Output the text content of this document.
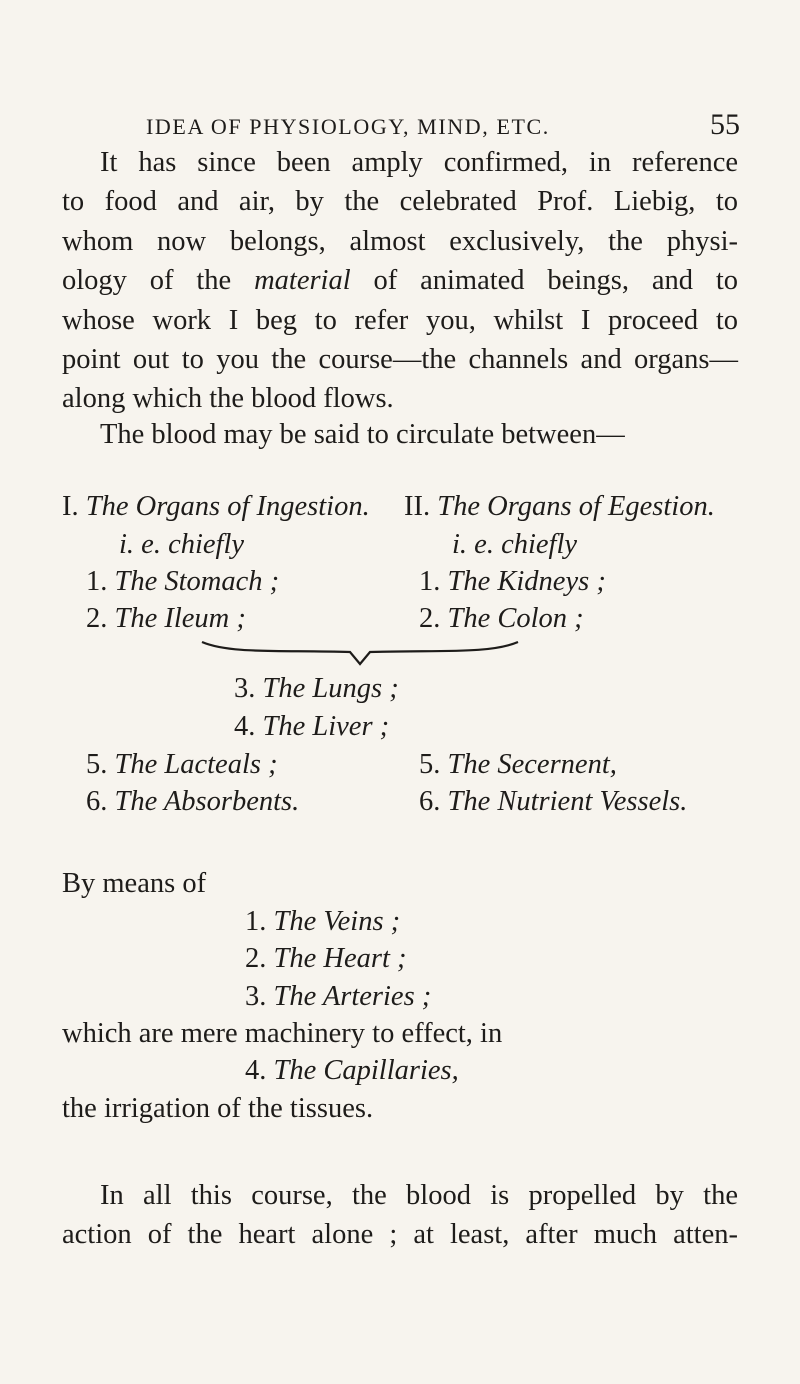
IDEA OF PHYSIOLOGY, MIND, ETC.	55
It has since been amply confirmed, in reference
to food and air, by the celebrated Prof. Liebig, to
whom now belongs, almost exclusively, the physi-
ology of the material of animated beings, and to
whose work I beg to refer you, whilst I proceed to
point out to you the course—the channels and organs—
along which the blood flows.
The blood may be said to circulate between—
I. The Organs of Ingestion. II. The Organs of Egestion.
i. e. chiefly	i. e. chiefly
1. The Stomach ;	1. The Kidneys ;
2. The Ileum ;	2. The Colon ;
3. The Lungs ;
4. The Liver ;
5. The Lacteals ;	5. The Secernent,
6. The Absorbents.	6. The Nutrient Vessels.
By means of
1. The Veins ;
2. The Heart ;
3. The Arteries ;
which are mere machinery to effect, in
4. The Capillaries,
the irrigation of the tissues.
In all this course, the blood is propelled by the
action of the heart alone ; at least, after much atten-
